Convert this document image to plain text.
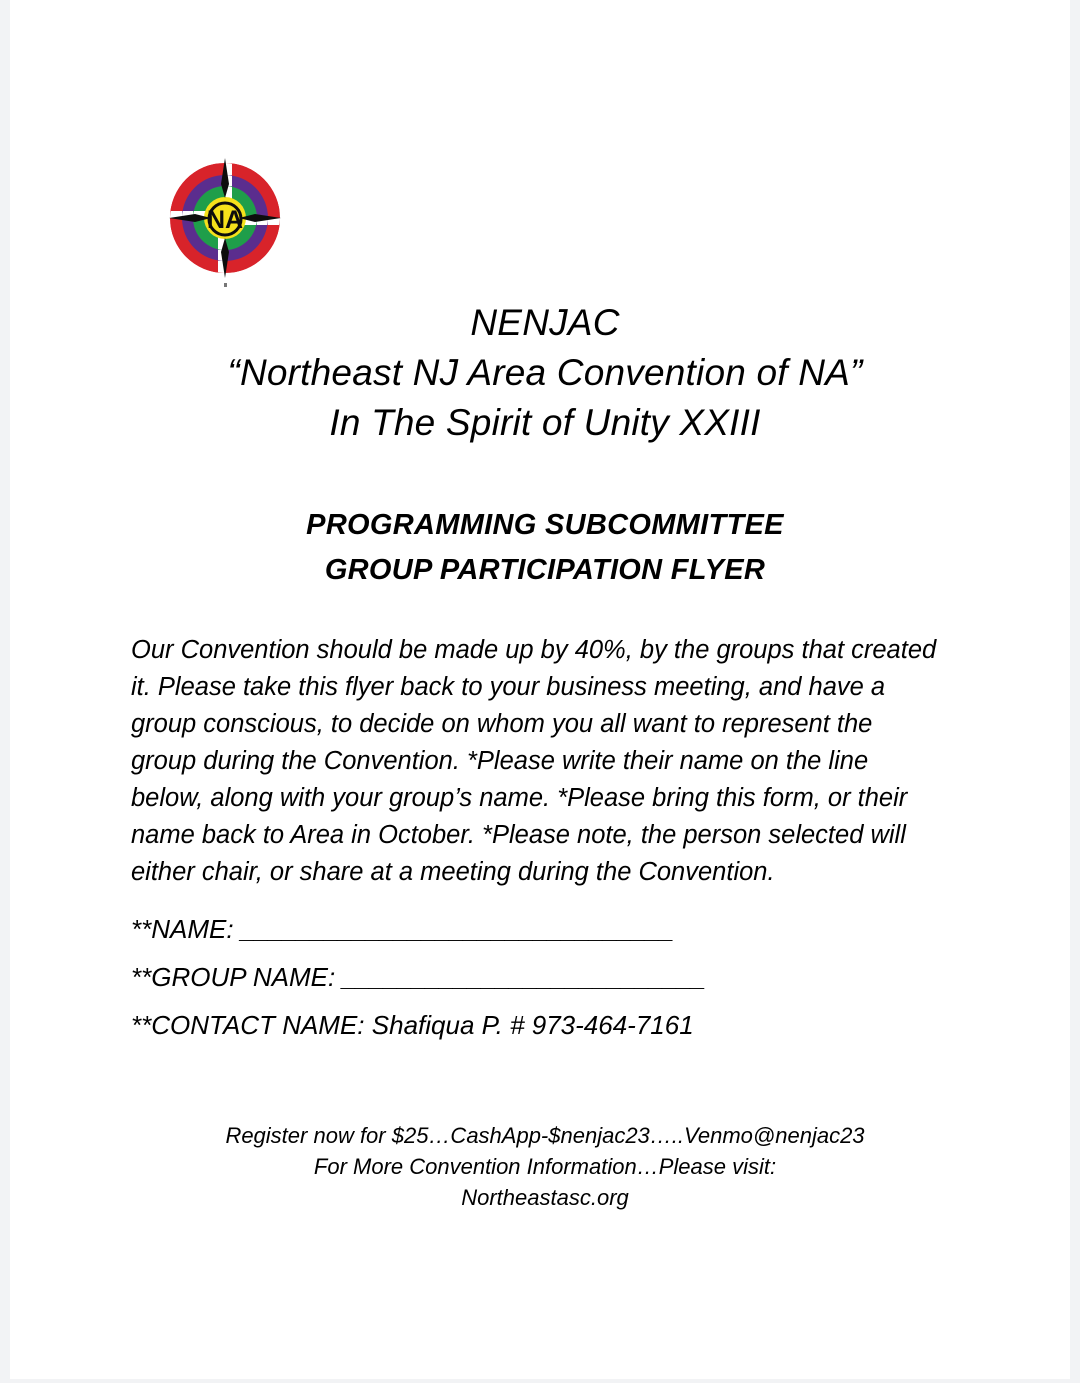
NA
NENJAC
“Northeast NJ Area Convention of NA”
In The Spirit of Unity XXIII
PROGRAMMING SUBCOMMITTEE
GROUP PARTICIPATION FLYER
Our Convention should be made up by 40%, by the groups that created
it. Please take this flyer back to your business meeting, and have a
group conscious, to decide on whom you all want to represent the
group during the Convention. *Please write their name on the line
below, along with your group’s name. *Please bring this form, or their
name back to Area in October. *Please note, the person selected will
either chair, or share at a meeting during the Convention.
**NAME: _______________________________
**GROUP NAME: __________________________
**CONTACT NAME: Shafiqua P. # 973-464-7161
Register now for $25…CashApp-$nenjac23…..Venmo@nenjac23
For More Convention Information…Please visit:
Northeastasc.org
